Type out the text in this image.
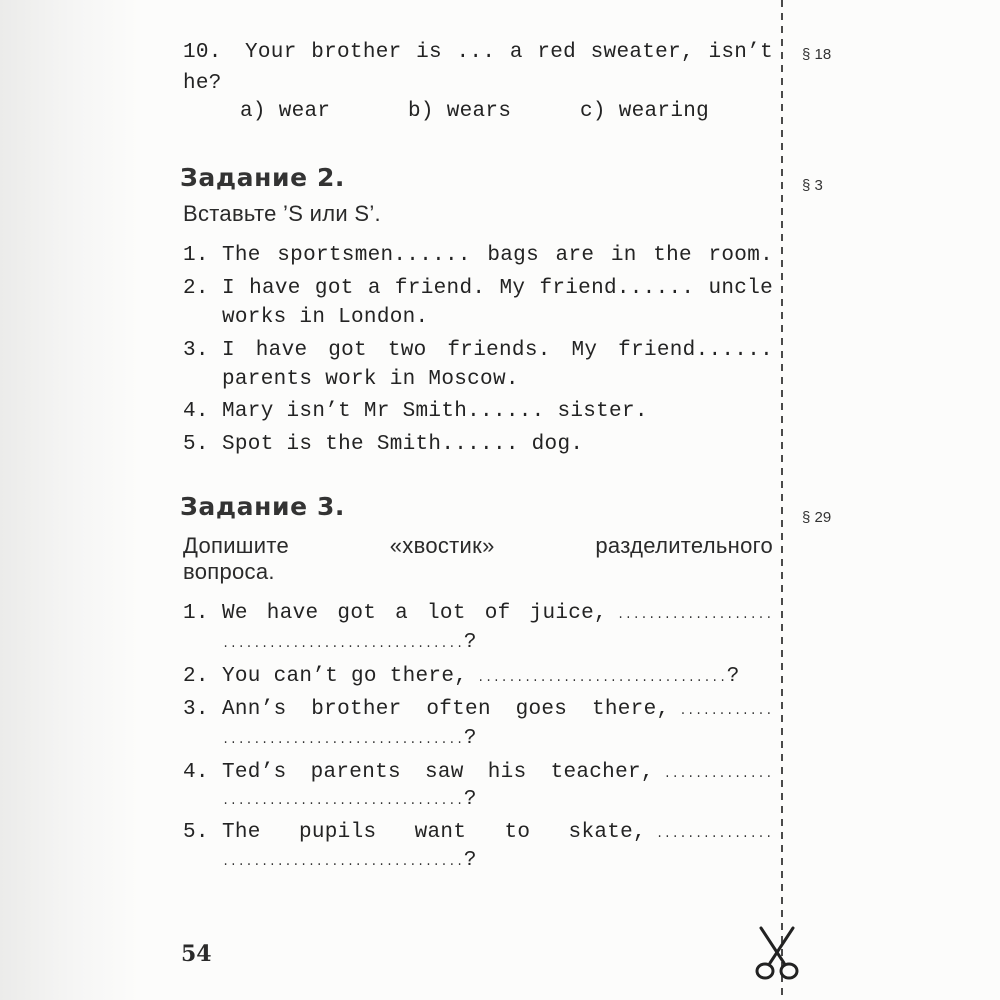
10.	Your brother is ... a red sweater, isn’t
he?
a) wear	b) wears	c) wearing
§ 18
Задание 2.	§ 3
Вставьте ’S или S’.
1. The sportsmen...... bags are in the room.
2. I have got a friend. My friend...... uncle
works in London.
3. I have got two friends. My friend......
parents work in Moscow.
4. Mary isn’t Mr Smith...... sister.
5. Spot is the Smith...... dog.
Задание 3.	§ 29
Допишите «хвостик» разделительного
вопроса.
1. We have got a lot of juice, ....................
............................... ?
2. You can’t go there, ................................ ?
3. Ann’s brother often goes there, ............
............................... ?
4. Ted’s parents saw his teacher, ..............
............................... ?
5. The pupils want to skate, ...............
............................... ?
54
